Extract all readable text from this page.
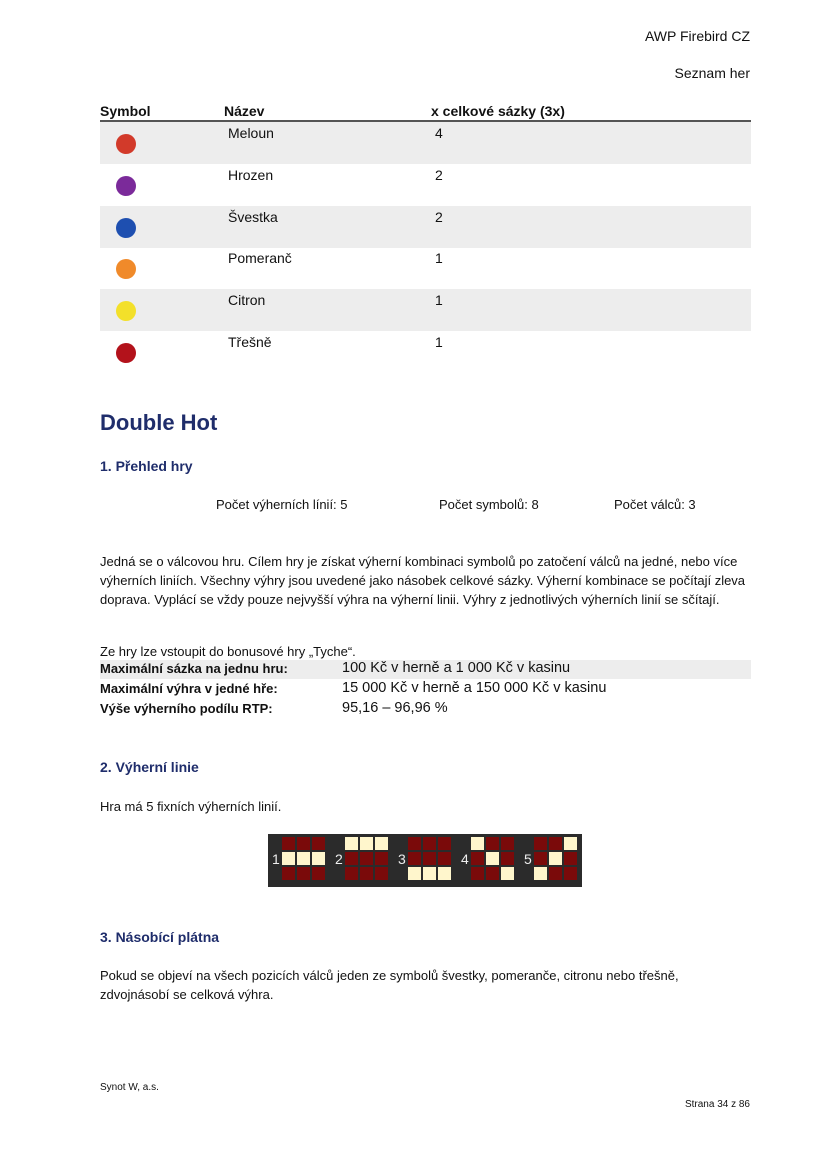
AWP Firebird CZ
Seznam her
Symbol	Název	x celkové sázky (3x)
Meloun	4
Hrozen	2
Švestka	2
Pomeranč	1
Citron	1
Třešně	1
Double Hot
1. Přehled hry
Počet výherních línií: 5	Počet symbolů: 8	Počet válců: 3
Jedná se o válcovou hru. Cílem hry je získat výherní kombinaci symbolů po zatočení válců na jedné, nebo více výherních liniích. Všechny výhry jsou uvedené jako násobek celkové sázky. Výherní kombinace se počítají zleva doprava. Vyplácí se vždy pouze nejvyšší výhra na výherní linii. Výhry z jednotlivých výherních linií se sčítají.
Ze hry lze vstoupit do bonusové hry „Tyche“.
Maximální sázka na jednu hru:	100 Kč v herně a 1 000 Kč v kasinu
Maximální výhra v jedné hře:	15 000 Kč v herně a 150 000 Kč v kasinu
Výše výherního podílu RTP:	95,16 – 96,96 %
2. Výherní linie
Hra má 5 fixních výherních linií.
1	2	3	4	5
3. Násobící plátna
Pokud se objeví na všech pozicích válců jeden ze symbolů švestky, pomeranče, citronu nebo třešně, zdvojnásobí se celková výhra.
Synot W, a.s.
Strana 34 z 86
